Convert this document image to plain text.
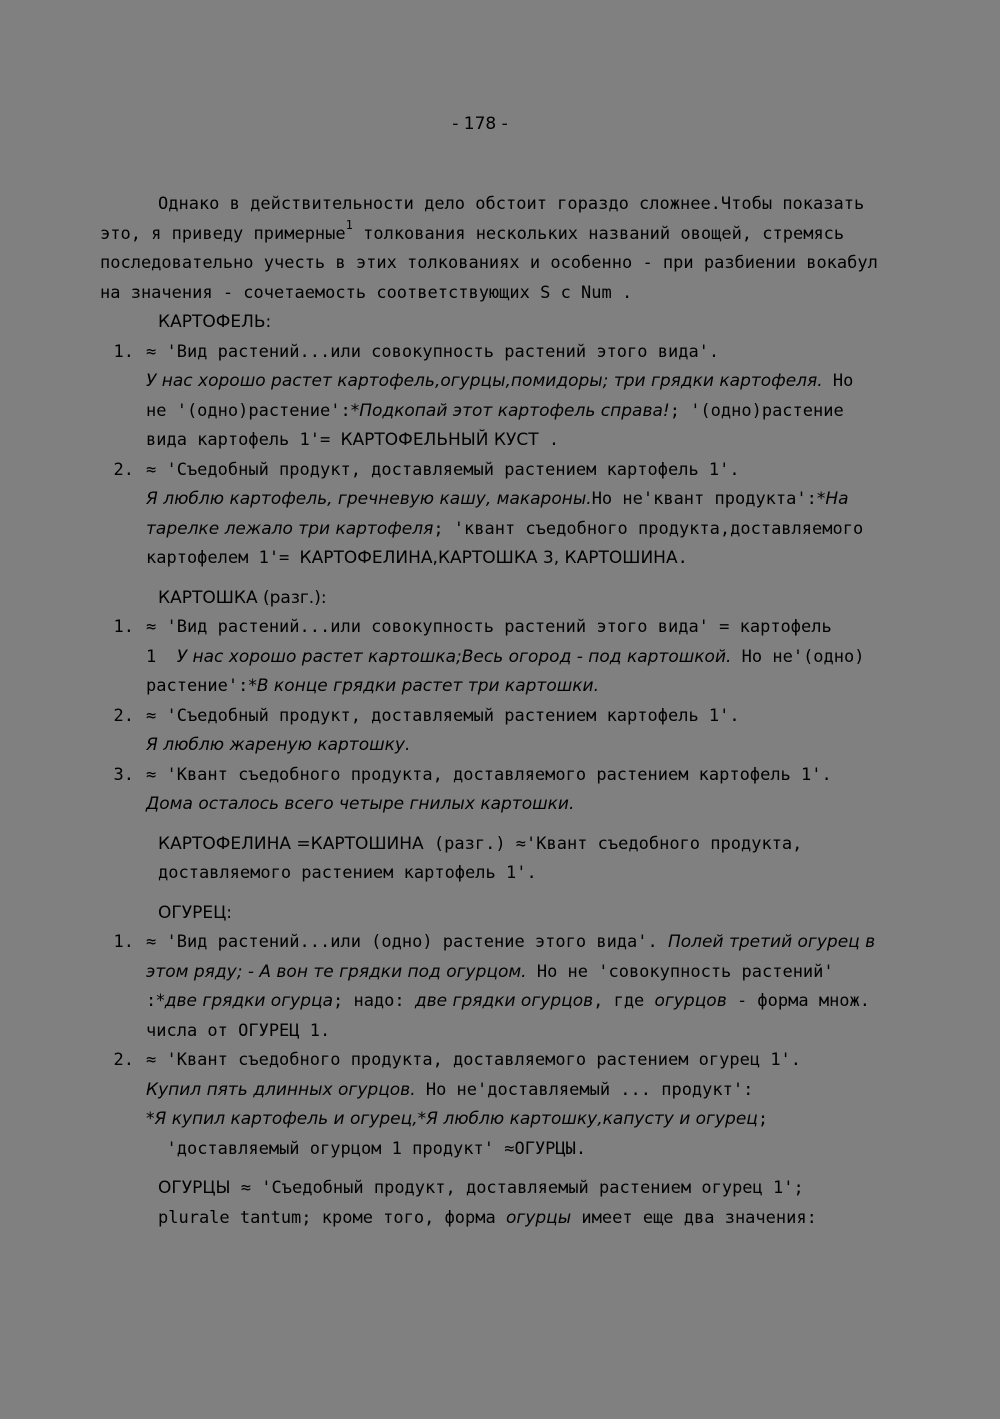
- 178 -

Однако в действительности дело обстоит гораздо сложнее.Чтобы показать это, я приведу примерные$^1$ толкования нескольких названий овощей, стремясь последовательно учесть в этих толкованиях и особенно - при разбиении вокабул на значения - сочетаемость соответствующих S с Num .

КАРТОФЕЛЬ:

1. ≈ 'Вид растений...или совокупность растений этого вида'.
У нас хорошо растет картофель,огурцы,помидоры; три грядки картофеля. Но не '(одно)растение':*Подкопай этот картофель справа!; '(одно)растение вида картофель 1'= КАРТОФЕЛЬНЫЙ КУСТ .
2. ≈ 'Съедобный продукт, доставляемый растением картофель 1'.
Я люблю картофель, гречневую кашу, макароны.Но не'квант продукта':*На тарелке лежало три картофеля; 'квант съедобного продукта,доставляемого картофелем 1'= КАРТОФЕЛИНА,КАРТОШКА 3, КАРТОШИНА.

КАРТОШКА (разг.):

1. ≈ 'Вид растений...или совокупность растений этого вида' = картофель 1 У нас хорошо растет картошка;Весь огород - под картошкой. Но не'(одно) растение':*В конце грядки растет три картошки.
2. ≈ 'Съедобный продукт, доставляемый растением картофель 1'.
Я люблю жареную картошку.
3. ≈ 'Квант съедобного продукта, доставляемого растением картофель 1'. Дома осталось всего четыре гнилых картошки.

КАРТОФЕЛИНА =КАРТОШИНА (разг.) ≈'Квант съедобного продукта, доставляемого растением картофель 1'.

ОГУРЕЦ:

1. ≈ 'Вид растений...или (одно) растение этого вида'. Полей третий огурец в этом ряду; - А вон те грядки под огурцом. Но не 'совокупность растений' :*две грядки огурца; надо: две грядки огурцов, где огурцов - форма множ. числа от ОГУРЕЦ 1.
2. ≈ 'Квант съедобного продукта, доставляемого растением огурец 1'.
Купил пять длинных огурцов. Но не'доставляемый ... продукт':
*Я купил картофель и огурец,*Я люблю картошку,капусту и огурец;
'доставляемый огурцом 1 продукт' ≈ОГУРЦЫ.

ОГУРЦЫ ≈ 'Съедобный продукт, доставляемый растением огурец 1'; plurale tantum; кроме того, форма огурцы имеет еще два значения:
